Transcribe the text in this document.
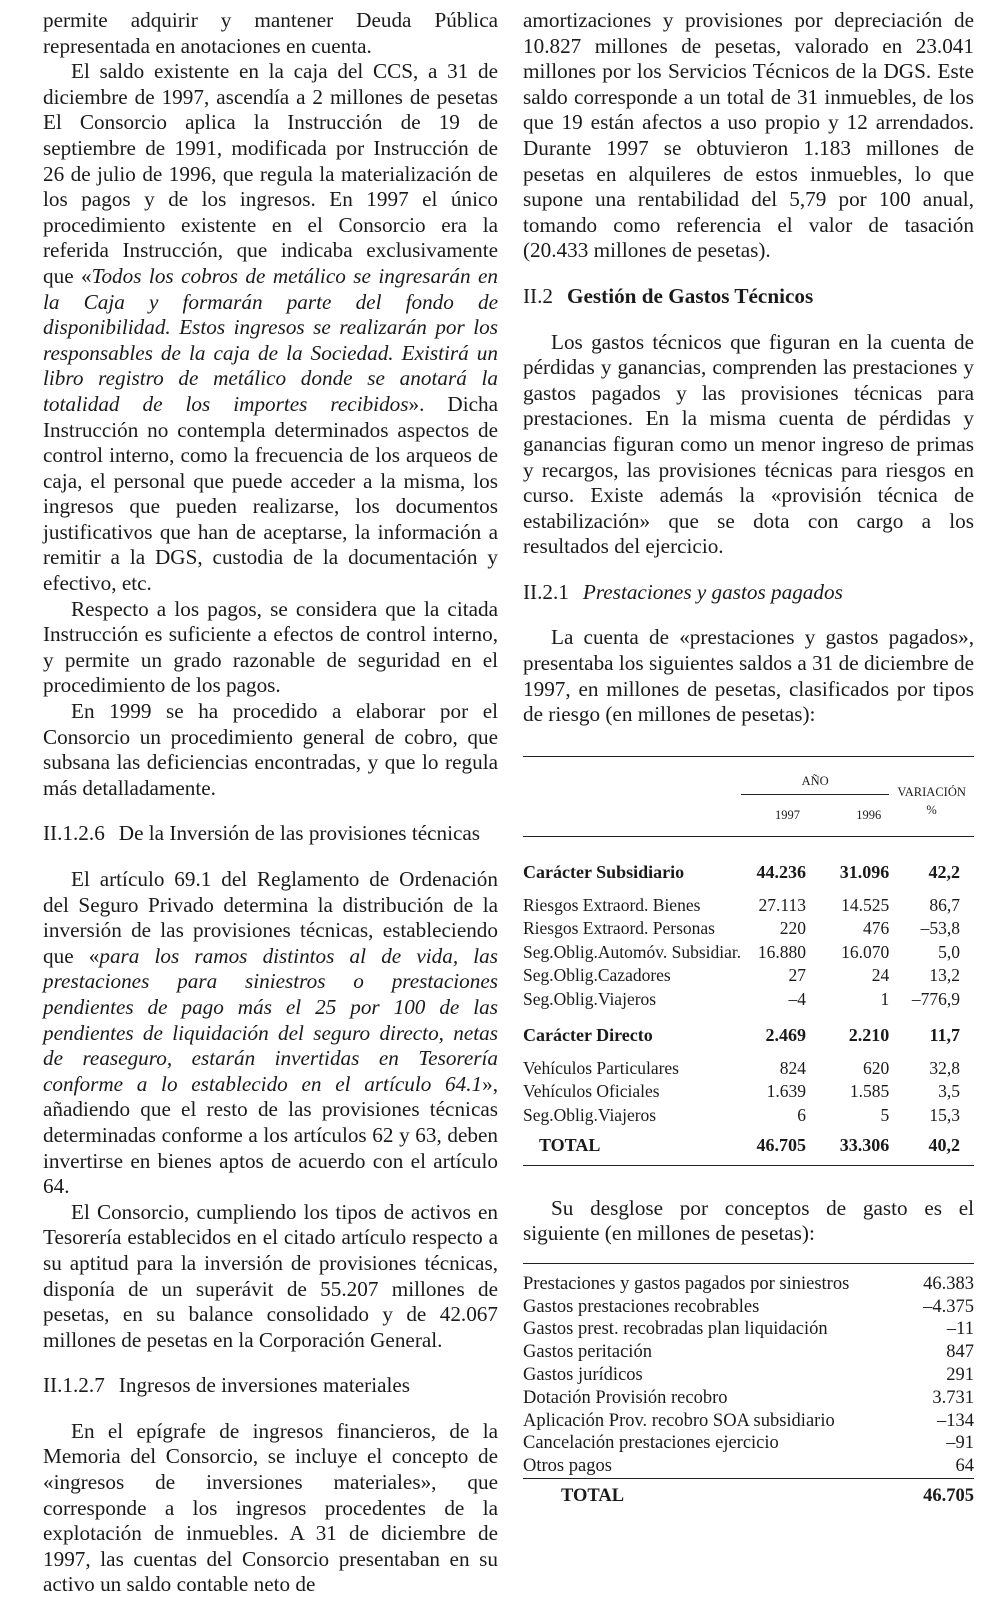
permite adquirir y mantener Deuda Pública representada en anotaciones en cuenta.

El saldo existente en la caja del CCS, a 31 de diciembre de 1997, ascendía a 2 millones de pesetas El Consorcio aplica la Instrucción de 19 de septiembre de 1991, modificada por Instrucción de 26 de julio de 1996, que regula la materialización de los pagos y de los ingresos. En 1997 el único procedimiento existente en el Consorcio era la referida Instrucción, que indicaba exclusivamente que «Todos los cobros de metálico se ingresarán en la Caja y formarán parte del fondo de disponibilidad. Estos ingresos se realizarán por los responsables de la caja de la Sociedad. Existirá un libro registro de metálico donde se anotará la totalidad de los importes recibidos». Dicha Instrucción no contempla determinados aspectos de control interno, como la frecuencia de los arqueos de caja, el personal que puede acceder a la misma, los ingresos que pueden realizarse, los documentos justificativos que han de aceptarse, la información a remitir a la DGS, custodia de la documentación y efectivo, etc.

Respecto a los pagos, se considera que la citada Instrucción es suficiente a efectos de control interno, y permite un grado razonable de seguridad en el procedimiento de los pagos.

En 1999 se ha procedido a elaborar por el Consorcio un procedimiento general de cobro, que subsana las deficiencias encontradas, y que lo regula más detalladamente.

II.1.2.6 De la Inversión de las provisiones técnicas

El artículo 69.1 del Reglamento de Ordenación del Seguro Privado determina la distribución de la inversión de las provisiones técnicas, estableciendo que «para los ramos distintos al de vida, las prestaciones para siniestros o prestaciones pendientes de pago más el 25 por 100 de las pendientes de liquidación del seguro directo, netas de reaseguro, estarán invertidas en Tesorería conforme a lo establecido en el artículo 64.1», añadiendo que el resto de las provisiones técnicas determinadas conforme a los artículos 62 y 63, deben invertirse en bienes aptos de acuerdo con el artículo 64.

El Consorcio, cumpliendo los tipos de activos en Tesorería establecidos en el citado artículo respecto a su aptitud para la inversión de provisiones técnicas, disponía de un superávit de 55.207 millones de pesetas, en su balance consolidado y de 42.067 millones de pesetas en la Corporación General.

II.1.2.7 Ingresos de inversiones materiales

En el epígrafe de ingresos financieros, de la Memoria del Consorcio, se incluye el concepto de «ingresos de inversiones materiales», que corresponde a los ingresos procedentes de la explotación de inmuebles. A 31 de diciembre de 1997, las cuentas del Consorcio presentaban en su activo un saldo contable neto de

amortizaciones y provisiones por depreciación de 10.827 millones de pesetas, valorado en 23.041 millones por los Servicios Técnicos de la DGS. Este saldo corresponde a un total de 31 inmuebles, de los que 19 están afectos a uso propio y 12 arrendados. Durante 1997 se obtuvieron 1.183 millones de pesetas en alquileres de estos inmuebles, lo que supone una rentabilidad del 5,79 por 100 anual, tomando como referencia el valor de tasación (20.433 millones de pesetas).

II.2 Gestión de Gastos Técnicos

Los gastos técnicos que figuran en la cuenta de pérdidas y ganancias, comprenden las prestaciones y gastos pagados y las provisiones técnicas para prestaciones. En la misma cuenta de pérdidas y ganancias figuran como un menor ingreso de primas y recargos, las provisiones técnicas para riesgos en curso. Existe además la «provisión técnica de estabilización» que se dota con cargo a los resultados del ejercicio.

II.2.1 Prestaciones y gastos pagados

La cuenta de «prestaciones y gastos pagados», presentaba los siguientes saldos a 31 de diciembre de 1997, en millones de pesetas, clasificados por tipos de riesgo (en millones de pesetas):

	AÑO		VARIACIÓN
%

	1997	1996	
Carácter Subsidiario	44.236	31.096	42,2
Riesgos Extraord. Bienes	27.113	14.525	86,7
Riesgos Extraord. Personas	220	476	–53,8
Seg.Oblig.Automóv. Subsidiar.	16.880	16.070	5,0
Seg.Oblig.Cazadores	27	24	13,2
Seg.Oblig.Viajeros	–4	1	–776,9
Carácter Directo	2.469	2.210	11,7
Vehículos Particulares	824	620	32,8
Vehículos Oficiales	1.639	1.585	3,5
Seg.Oblig.Viajeros	6	5	15,3
TOTAL	46.705	33.306	40,2

Su desglose por conceptos de gasto es el siguiente (en millones de pesetas):

Prestaciones y gastos pagados por siniestros	46.383
Gastos prestaciones recobrables	–4.375
Gastos prest. recobradas plan liquidación	–11
Gastos peritación	847
Gastos jurídicos	291
Dotación Provisión recobro	3.731
Aplicación Prov. recobro SOA subsidiario	–134
Cancelación prestaciones ejercicio	–91
Otros pagos	64
TOTAL	46.705
